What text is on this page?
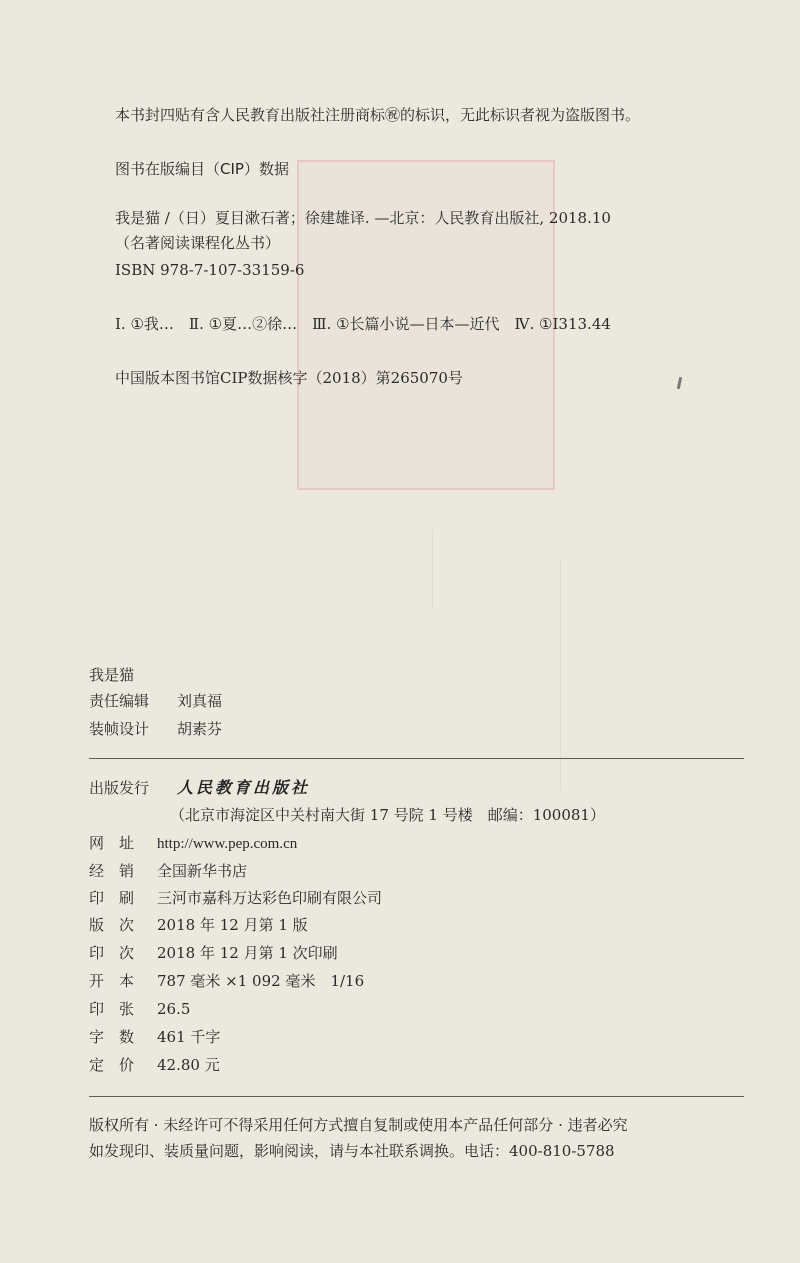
本书封四贴有含人民教育出版社注册商标㊗的标识，无此标识者视为盗版图书。
图书在版编目（CIP）数据
我是猫 /（日）夏目漱石著；徐建雄译. —北京：人民教育出版社, 2018.10
（名著阅读课程化丛书）
ISBN 978-7-107-33159-6
Ⅰ. ①我…　Ⅱ. ①夏…②徐…　Ⅲ. ①长篇小说—日本—近代　Ⅳ. ①I313.44
中国版本图书馆CIP数据核字（2018）第265070号
我是猫
责任编辑 刘真福
装帧设计 胡素芬
出版发行 人民教育出版社
（北京市海淀区中关村南大街 17 号院 1 号楼　邮编：100081）
网　址 http://www.pep.com.cn
经　销 全国新华书店
印　刷 三河市嘉科万达彩色印刷有限公司
版　次 2018 年 12 月第 1 版
印　次 2018 年 12 月第 1 次印刷
开　本 787 毫米 ×1 092 毫米　1/16
印　张 26.5
字　数 461 千字
定　价 42.80 元
版权所有 · 未经许可不得采用任何方式擅自复制或使用本产品任何部分 · 违者必究
如发现印、装质量问题，影响阅读，请与本社联系调换。电话：400-810-5788
